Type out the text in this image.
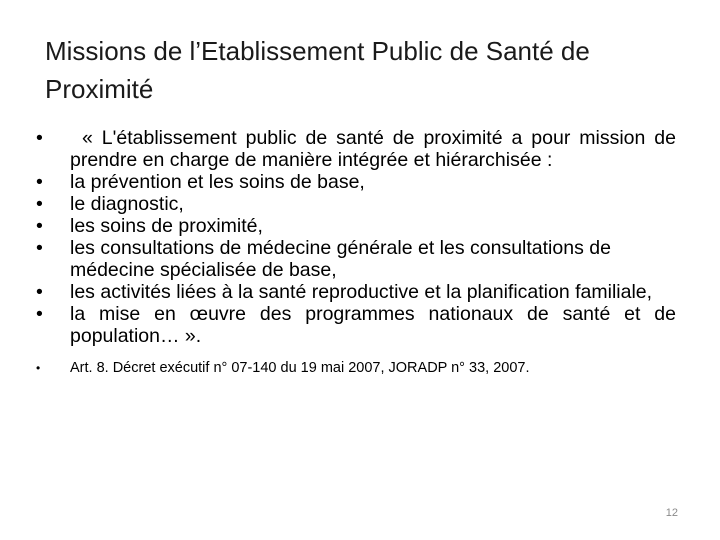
Missions de l’Etablissement Public de Santé de Proximité
•	« L'établissement public de santé de proximité a pour mission de prendre en charge de manière intégrée et hiérarchisée :
•	la prévention et les soins de base,
•	le diagnostic,
•	les soins de proximité,
•	les consultations de médecine générale et les consultations de médecine spécialisée de base,
•	les activités liées à la santé reproductive et la planification familiale,
•	la mise en œuvre des programmes nationaux de santé et de population… ».
•	Art. 8. Décret exécutif n° 07-140 du 19 mai 2007, JORADP n° 33, 2007.
12
